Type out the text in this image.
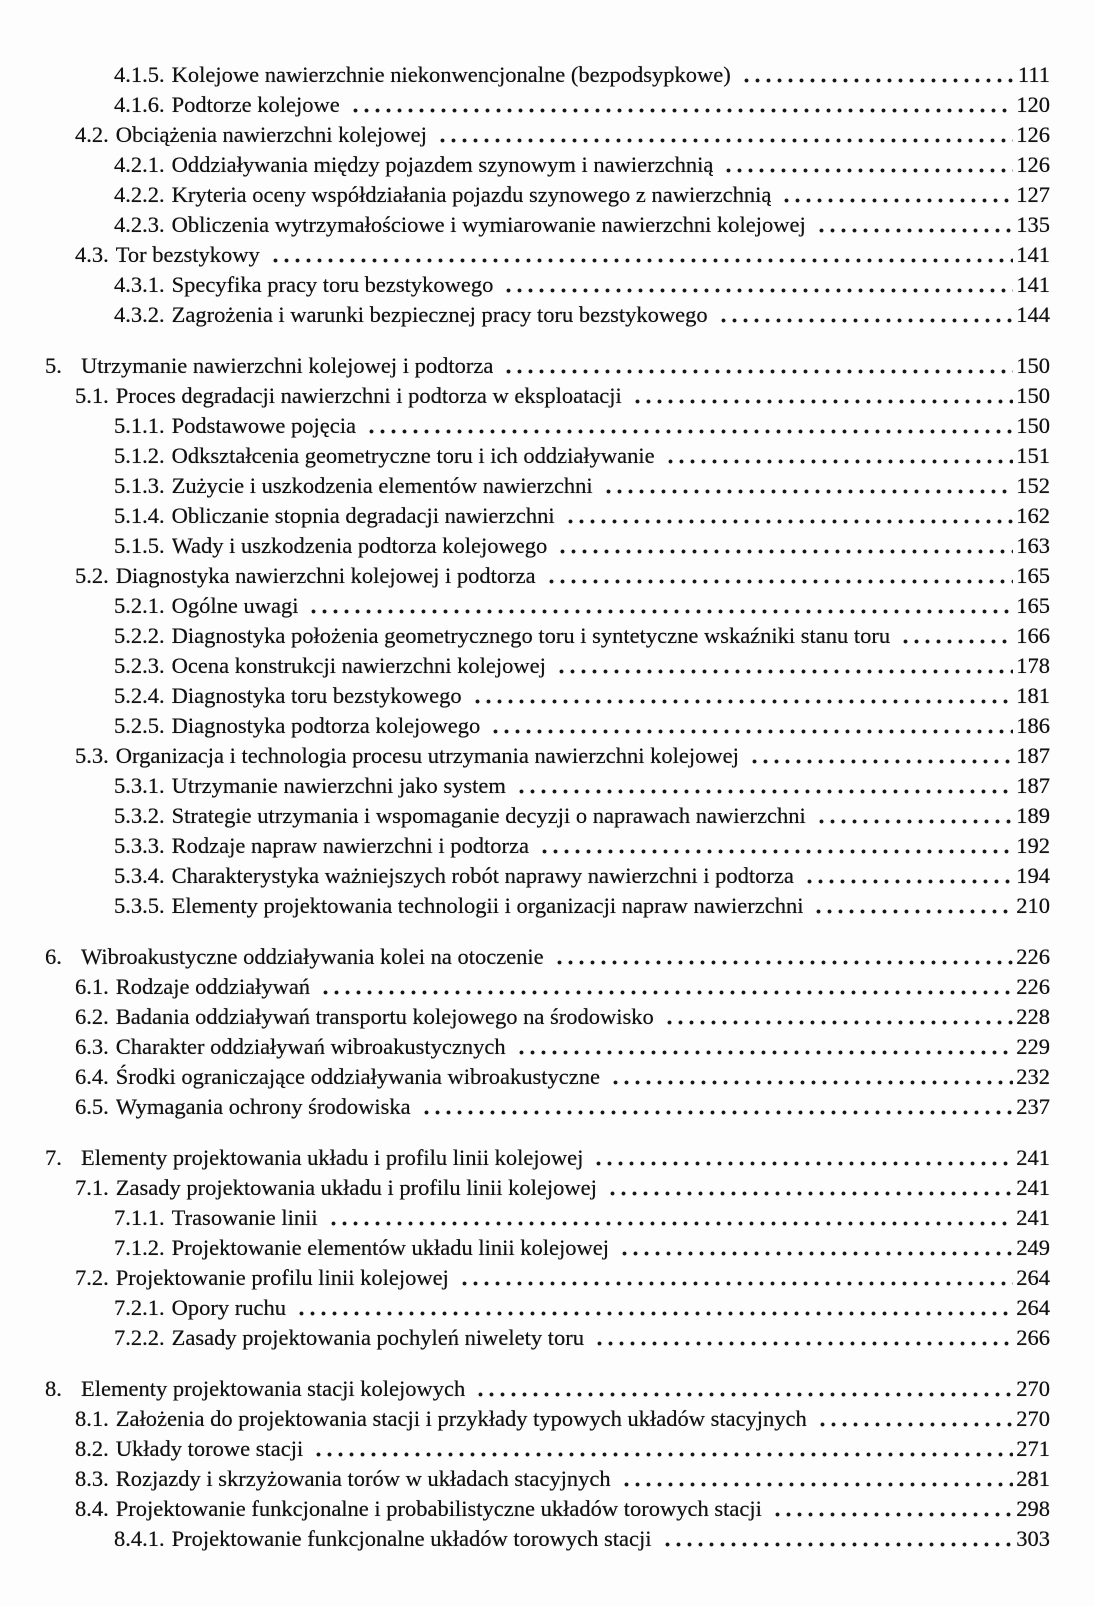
4.1.5. Kolejowe nawierzchnie niekonwencjonalne (bezpodsypkowe)	111
4.1.6. Podtorze kolejowe	120
4.2. Obciążenia nawierzchni kolejowej	126
4.2.1. Oddziaływania między pojazdem szynowym i nawierzchnią	126
4.2.2. Kryteria oceny współdziałania pojazdu szynowego z nawierzchnią	127
4.2.3. Obliczenia wytrzymałościowe i wymiarowanie nawierzchni kolejowej	135
4.3. Tor bezstykowy	141
4.3.1. Specyfika pracy toru bezstykowego	141
4.3.2. Zagrożenia i warunki bezpiecznej pracy toru bezstykowego	144
5. Utrzymanie nawierzchni kolejowej i podtorza	150
5.1. Proces degradacji nawierzchni i podtorza w eksploatacji	150
5.1.1. Podstawowe pojęcia	150
5.1.2. Odkształcenia geometryczne toru i ich oddziaływanie	151
5.1.3. Zużycie i uszkodzenia elementów nawierzchni	152
5.1.4. Obliczanie stopnia degradacji nawierzchni	162
5.1.5. Wady i uszkodzenia podtorza kolejowego	163
5.2. Diagnostyka nawierzchni kolejowej i podtorza	165
5.2.1. Ogólne uwagi	165
5.2.2. Diagnostyka położenia geometrycznego toru i syntetyczne wskaźniki stanu toru	166
5.2.3. Ocena konstrukcji nawierzchni kolejowej	178
5.2.4. Diagnostyka toru bezstykowego	181
5.2.5. Diagnostyka podtorza kolejowego	186
5.3. Organizacja i technologia procesu utrzymania nawierzchni kolejowej	187
5.3.1. Utrzymanie nawierzchni jako system	187
5.3.2. Strategie utrzymania i wspomaganie decyzji o naprawach nawierzchni	189
5.3.3. Rodzaje napraw nawierzchni i podtorza	192
5.3.4. Charakterystyka ważniejszych robót naprawy nawierzchni i podtorza	194
5.3.5. Elementy projektowania technologii i organizacji napraw nawierzchni	210
6. Wibroakustyczne oddziaływania kolei na otoczenie	226
6.1. Rodzaje oddziaływań	226
6.2. Badania oddziaływań transportu kolejowego na środowisko	228
6.3. Charakter oddziaływań wibroakustycznych	229
6.4. Środki ograniczające oddziaływania wibroakustyczne	232
6.5. Wymagania ochrony środowiska	237
7. Elementy projektowania układu i profilu linii kolejowej	241
7.1. Zasady projektowania układu i profilu linii kolejowej	241
7.1.1. Trasowanie linii	241
7.1.2. Projektowanie elementów układu linii kolejowej	249
7.2. Projektowanie profilu linii kolejowej	264
7.2.1. Opory ruchu	264
7.2.2. Zasady projektowania pochyleń niwelety toru	266
8. Elementy projektowania stacji kolejowych	270
8.1. Założenia do projektowania stacji i przykłady typowych układów stacyjnych	270
8.2. Układy torowe stacji	271
8.3. Rozjazdy i skrzyżowania torów w układach stacyjnych	281
8.4. Projektowanie funkcjonalne i probabilistyczne układów torowych stacji	298
8.4.1. Projektowanie funkcjonalne układów torowych stacji	303
